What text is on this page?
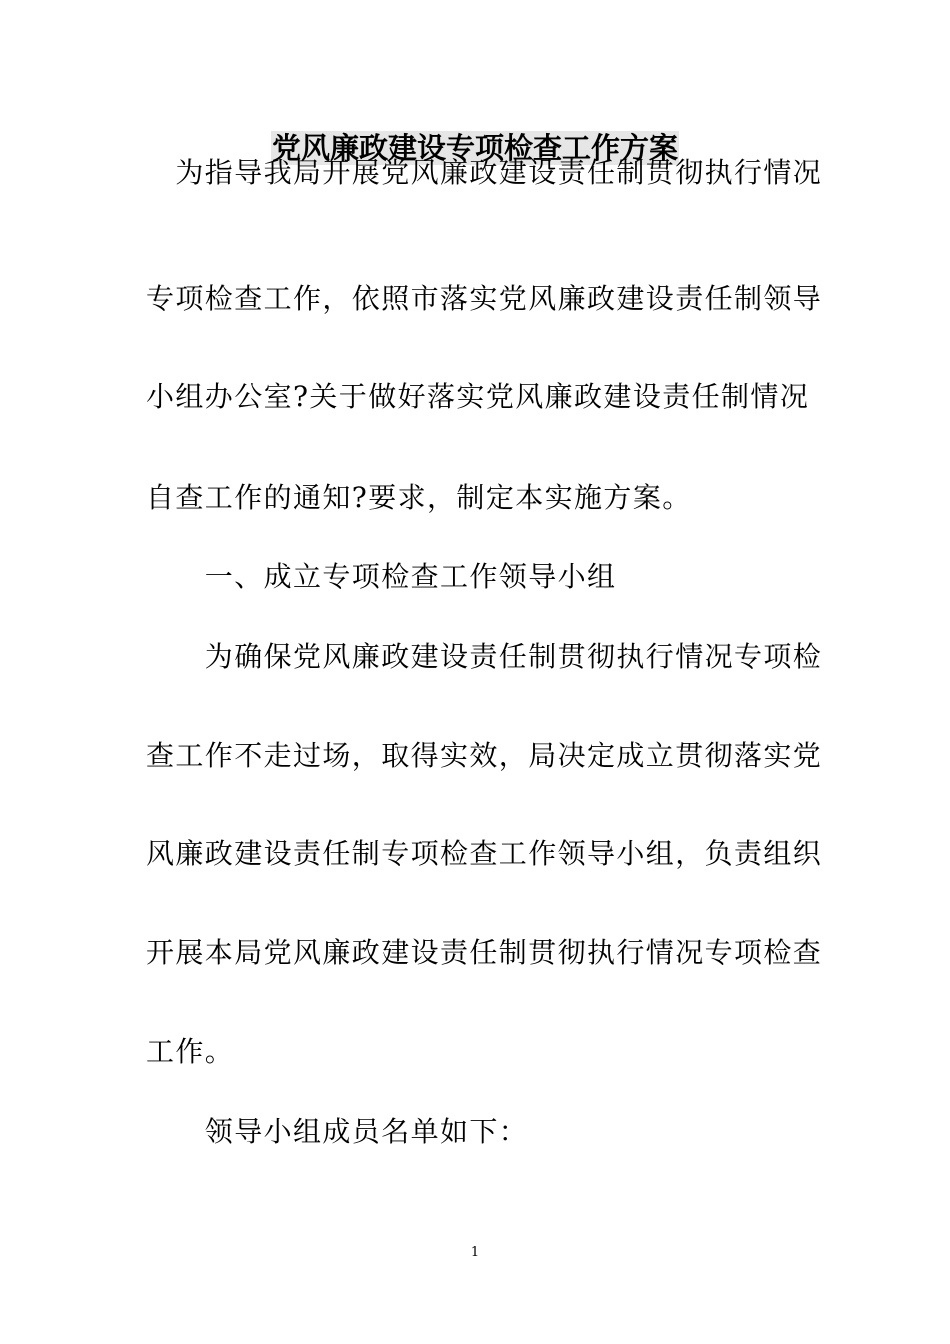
党风廉政建设专项检查工作方案
　为指导我局开展党风廉政建设责任制贯彻执行情况
专项检查工作，依照市落实党风廉政建设责任制领导
小组办公室?关于做好落实党风廉政建设责任制情况
自查工作的通知?要求，制定本实施方案。
　　一、成立专项检查工作领导小组
　　为确保党风廉政建设责任制贯彻执行情况专项检
查工作不走过场，取得实效，局决定成立贯彻落实党
风廉政建设责任制专项检查工作领导小组，负责组织
开展本局党风廉政建设责任制贯彻执行情况专项检查
工作。
　　领导小组成员名单如下：
1
